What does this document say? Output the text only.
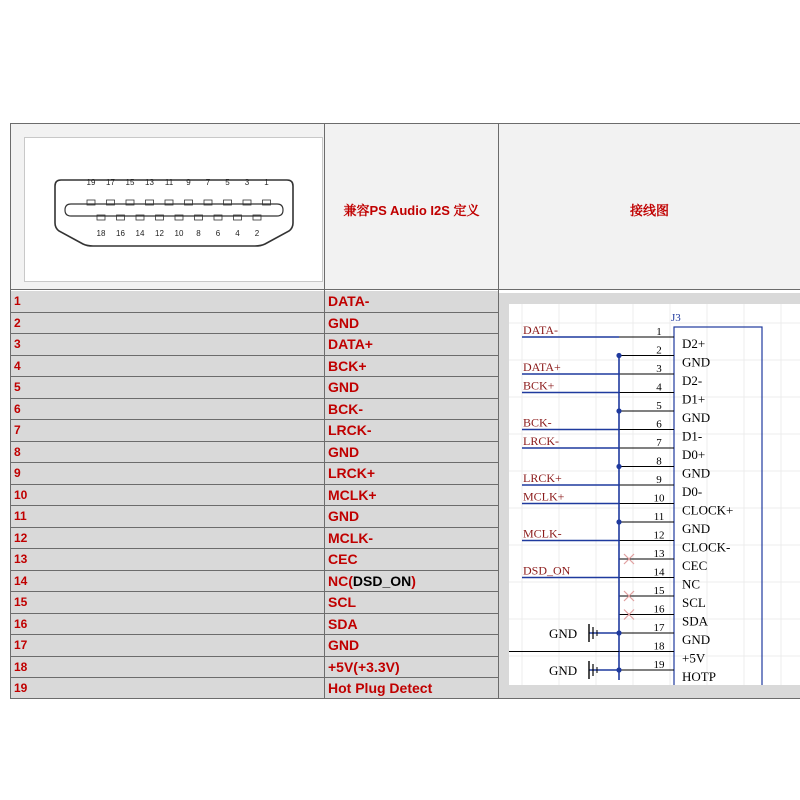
19 17 15 13 11 9 7 5 3 1
18 16 14 12 10 8 6 4 2
兼容PS Audio I2S 定义	接线图
1	DATA-
2	GND
3	DATA+
4	BCK+
5	GND
6	BCK-
7	LRCK-
8	GND
9	LRCK+
10	MCLK+
11	GND
12	MCLK-
13	CEC
14	NC(DSD_ON)
15	SCL
16	SDA
17	GND
18	+5V(+3.3V)
19	Hot Plug Detect
J3
1
D2+
2
GND
3
D2-
4
D1+
5
GND
6
D1-
7
D0+
8
GND
9
D0-
10
CLOCK+
11
GND
12
CLOCK-
13
CEC
14
NC
15
SCL
16
SDA
17
GND
18
+5V
19
HOTP
DATA-
DATA+
BCK+
BCK-
LRCK-
LRCK+
MCLK+
MCLK-
DSD_ON
GND
GND
